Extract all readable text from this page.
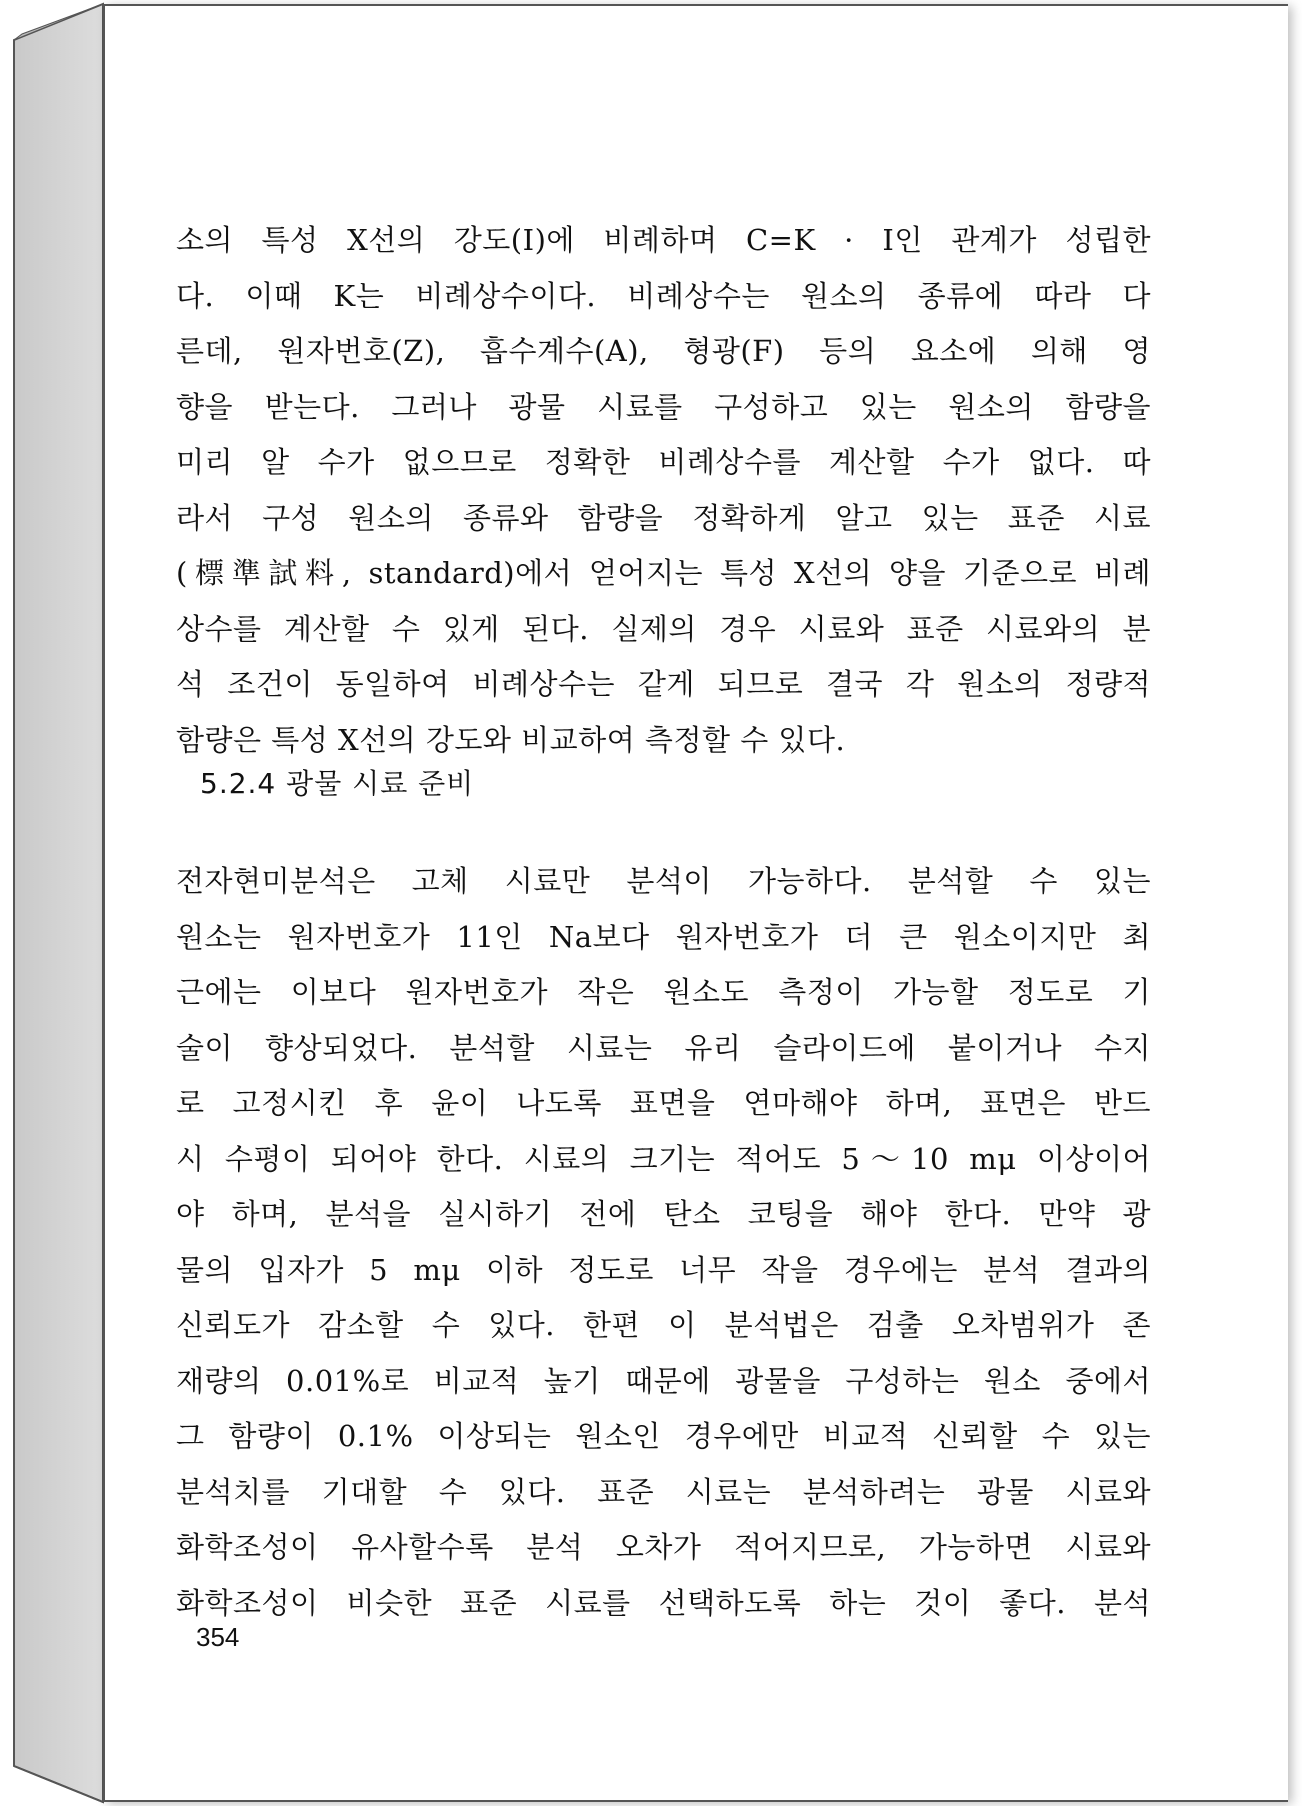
소의 특성 X선의 강도(I)에 비례하며 C=K · I인 관계가 성립한
다. 이때 K는 비례상수이다. 비례상수는 원소의 종류에 따라 다
른데, 원자번호(Z), 흡수계수(A), 형광(F) 등의 요소에 의해 영
향을 받는다. 그러나 광물 시료를 구성하고 있는 원소의 함량을
미리 알 수가 없으므로 정확한 비례상수를 계산할 수가 없다. 따
라서 구성 원소의 종류와 함량을 정확하게 알고 있는 표준 시료
(標準試料, standard)에서 얻어지는 특성 X선의 양을 기준으로 비례
상수를 계산할 수 있게 된다. 실제의 경우 시료와 표준 시료와의 분
석 조건이 동일하여 비례상수는 같게 되므로 결국 각 원소의 정량적
함량은 특성 X선의 강도와 비교하여 측정할 수 있다.
5.2.4 광물 시료 준비
전자현미분석은 고체 시료만 분석이 가능하다. 분석할 수 있는
원소는 원자번호가 11인 Na보다 원자번호가 더 큰 원소이지만 최
근에는 이보다 원자번호가 작은 원소도 측정이 가능할 정도로 기
술이 향상되었다. 분석할 시료는 유리 슬라이드에 붙이거나 수지
로 고정시킨 후 윤이 나도록 표면을 연마해야 하며, 표면은 반드
시 수평이 되어야 한다. 시료의 크기는 적어도 5～10 mμ 이상이어
야 하며, 분석을 실시하기 전에 탄소 코팅을 해야 한다. 만약 광
물의 입자가 5 mμ 이하 정도로 너무 작을 경우에는 분석 결과의
신뢰도가 감소할 수 있다. 한편 이 분석법은 검출 오차범위가 존
재량의 0.01%로 비교적 높기 때문에 광물을 구성하는 원소 중에서
그 함량이 0.1% 이상되는 원소인 경우에만 비교적 신뢰할 수 있는
분석치를 기대할 수 있다. 표준 시료는 분석하려는 광물 시료와
화학조성이 유사할수록 분석 오차가 적어지므로, 가능하면 시료와
화학조성이 비슷한 표준 시료를 선택하도록 하는 것이 좋다. 분석
354
